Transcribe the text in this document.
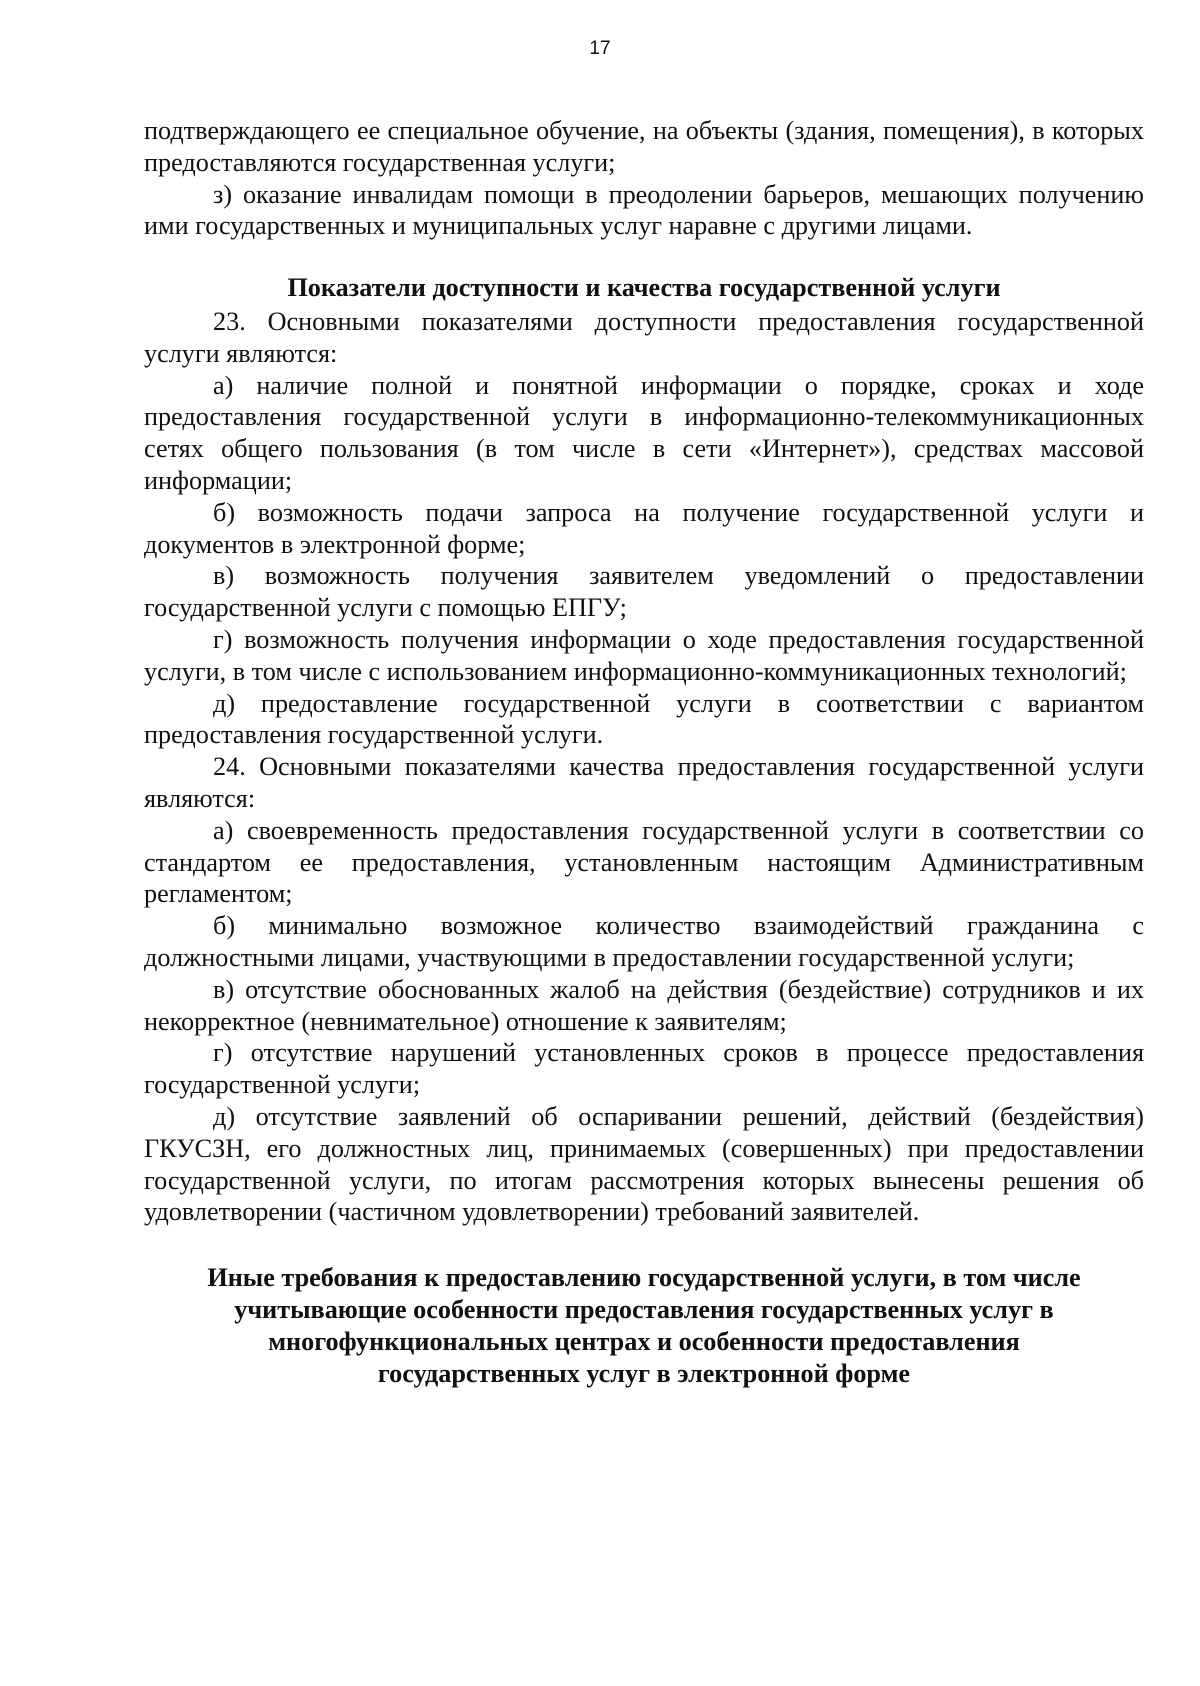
17

подтверждающего ее специальное обучение, на объекты (здания, помещения), в которых предоставляются государственная услуги;

з) оказание инвалидам помощи в преодолении барьеров, мешающих получению ими государственных и муниципальных услуг наравне с другими лицами.

Показатели доступности и качества государственной услуги

23. Основными показателями доступности предоставления государственной услуги являются:

а) наличие полной и понятной информации о порядке, сроках и ходе предоставления государственной услуги в информационно-телекоммуникационных сетях общего пользования (в том числе в сети «Интернет»), средствах массовой информации;

б) возможность подачи запроса на получение государственной услуги и документов в электронной форме;

в) возможность получения заявителем уведомлений о предоставлении государственной услуги с помощью ЕПГУ;

г) возможность получения информации о ходе предоставления государственной услуги, в том числе с использованием информационно-коммуникационных технологий;

д) предоставление государственной услуги в соответствии с вариантом предоставления государственной услуги.

24. Основными показателями качества предоставления государственной услуги являются:

а) своевременность предоставления государственной услуги в соответствии со стандартом ее предоставления, установленным настоящим Административным регламентом;

б) минимально возможное количество взаимодействий гражданина с должностными лицами, участвующими в предоставлении государственной услуги;

в) отсутствие обоснованных жалоб на действия (бездействие) сотрудников и их некорректное (невнимательное) отношение к заявителям;

г) отсутствие нарушений установленных сроков в процессе предоставления государственной услуги;

д) отсутствие заявлений об оспаривании решений, действий (бездействия) ГКУСЗН, его должностных лиц, принимаемых (совершенных) при предоставлении государственной услуги, по итогам рассмотрения которых вынесены решения об удовлетворении (частичном удовлетворении) требований заявителей.

Иные требования к предоставлению государственной услуги, в том числе
учитывающие особенности предоставления государственных услуг в
многофункциональных центрах и особенности предоставления
государственных услуг в электронной форме
